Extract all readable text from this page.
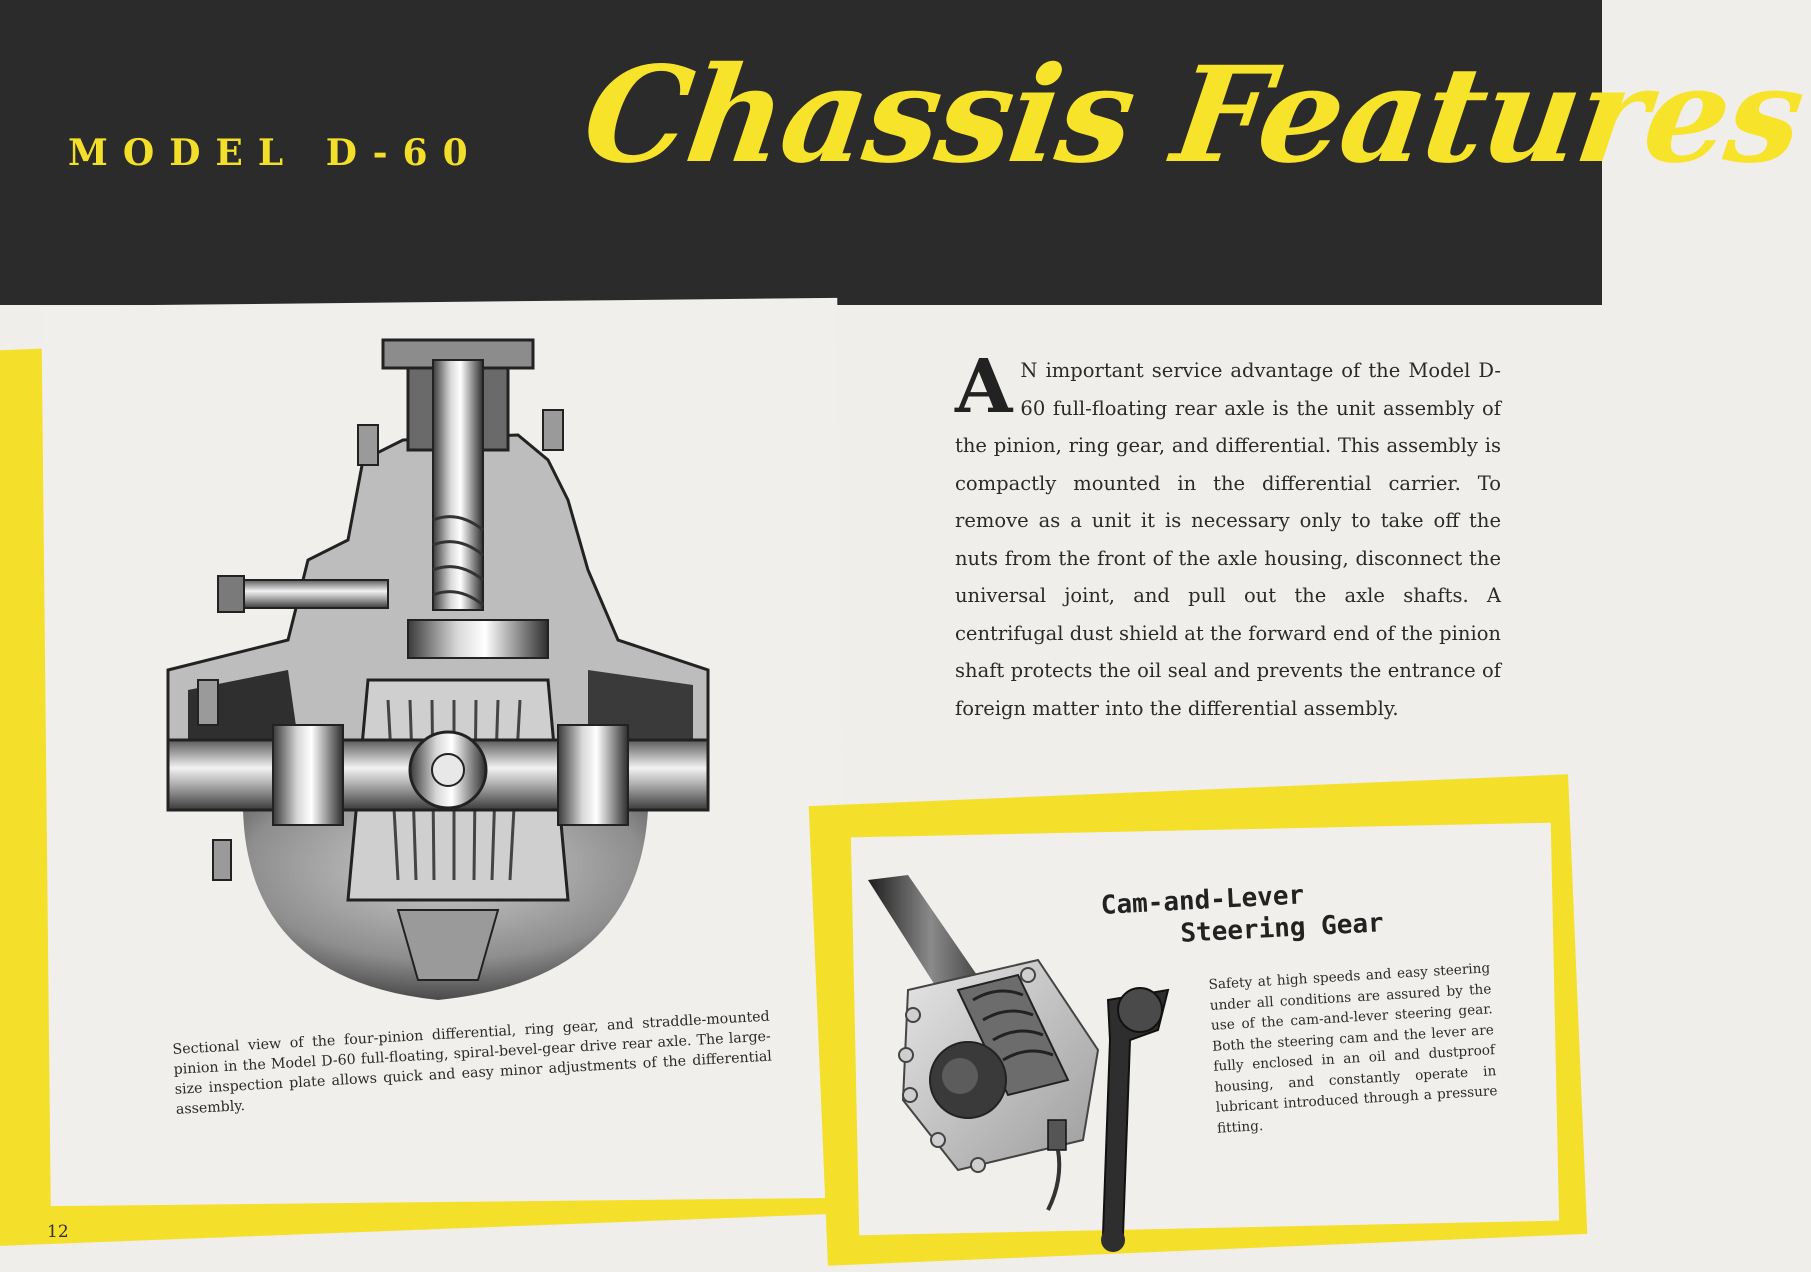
MODEL D-60 Chassis Features
A N important service advantage of the Model D-60 full-floating rear axle is the unit assembly of the pinion, ring gear, and differential. This assembly is compactly mounted in the differential carrier. To remove as a unit it is necessary only to take off the nuts from the front of the axle housing, disconnect the universal joint, and pull out the axle shafts. A centrifugal dust shield at the forward end of the pinion shaft protects the oil seal and prevents the entrance of foreign matter into the differential assembly.
Sectional view of the four-pinion differential, ring gear, and straddle-mounted pinion in the Model D-60 full-floating, spiral-bevel-gear drive rear axle. The large-size inspection plate allows quick and easy minor adjustments of the differential assembly.
Cam-and-Lever
Steering Gear
Safety at high speeds and easy steering under all conditions are assured by the use of the cam-and-lever steering gear. Both the steering cam and the lever are fully enclosed in an oil and dustproof housing, and constantly operate in lubricant introduced through a pressure fitting.
12
